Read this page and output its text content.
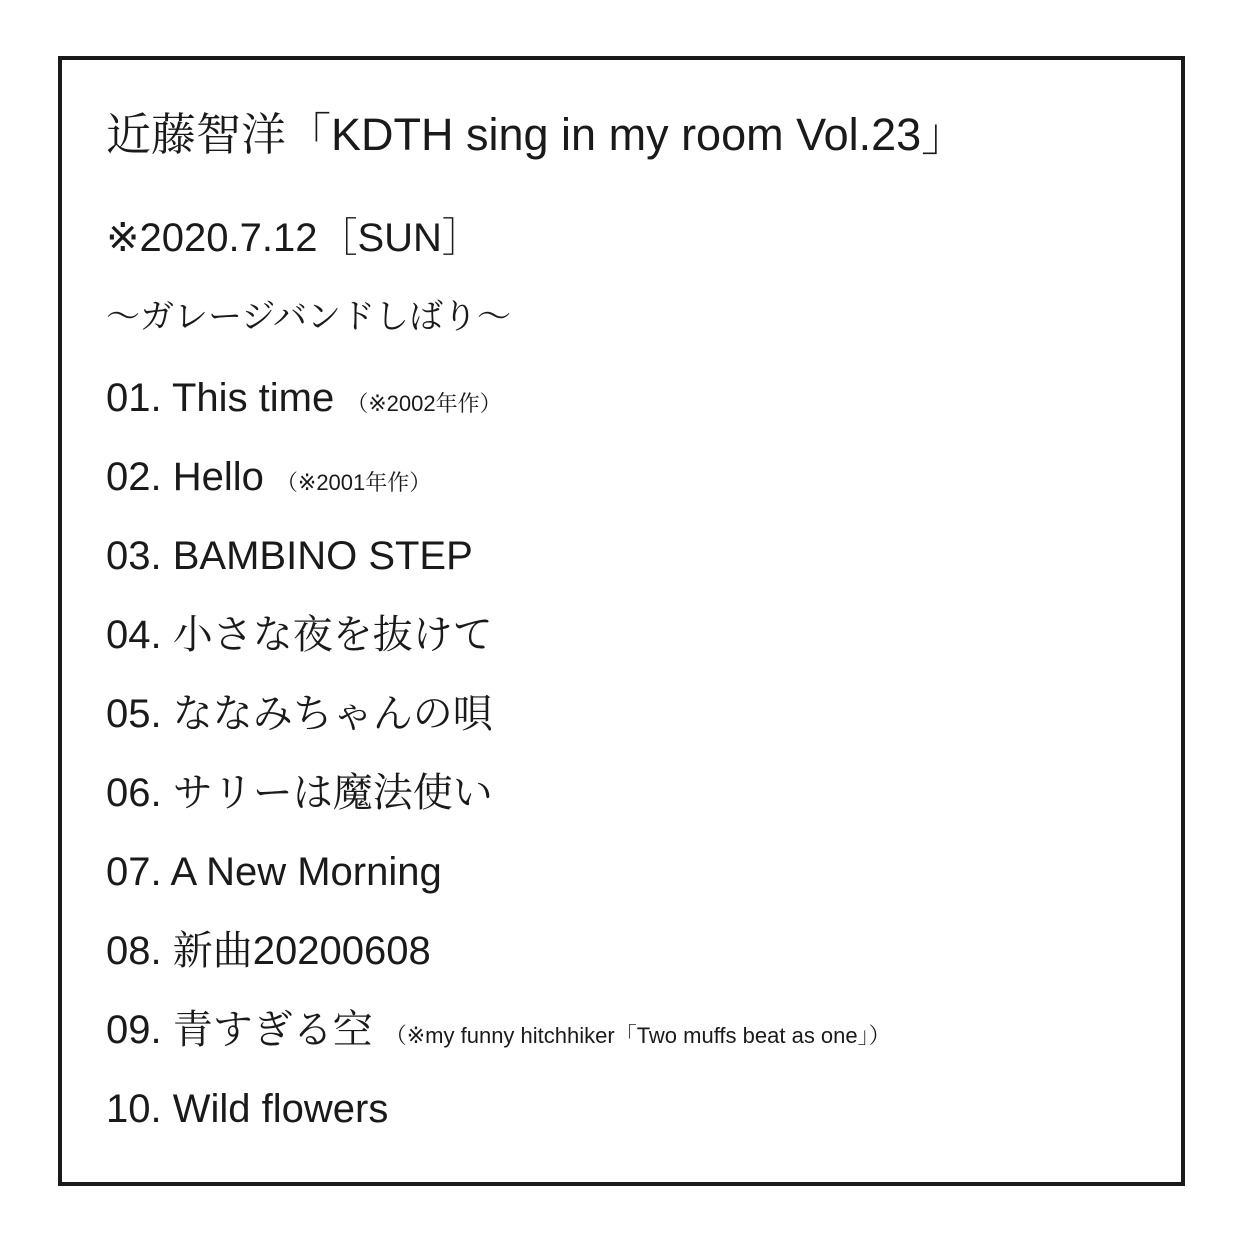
近藤智洋「KDTH sing in my room Vol.23」
※2020.7.12［SUN］
〜ガレージバンドしばり〜
01. This time （※2002年作）
02. Hello （※2001年作）
03. BAMBINO STEP
04. 小さな夜を抜けて
05. ななみちゃんの唄
06. サリーは魔法使い
07. A New Morning
08. 新曲20200608
09. 青すぎる空 （※my funny hitchhiker「Two muffs beat as one」）
10. Wild flowers
